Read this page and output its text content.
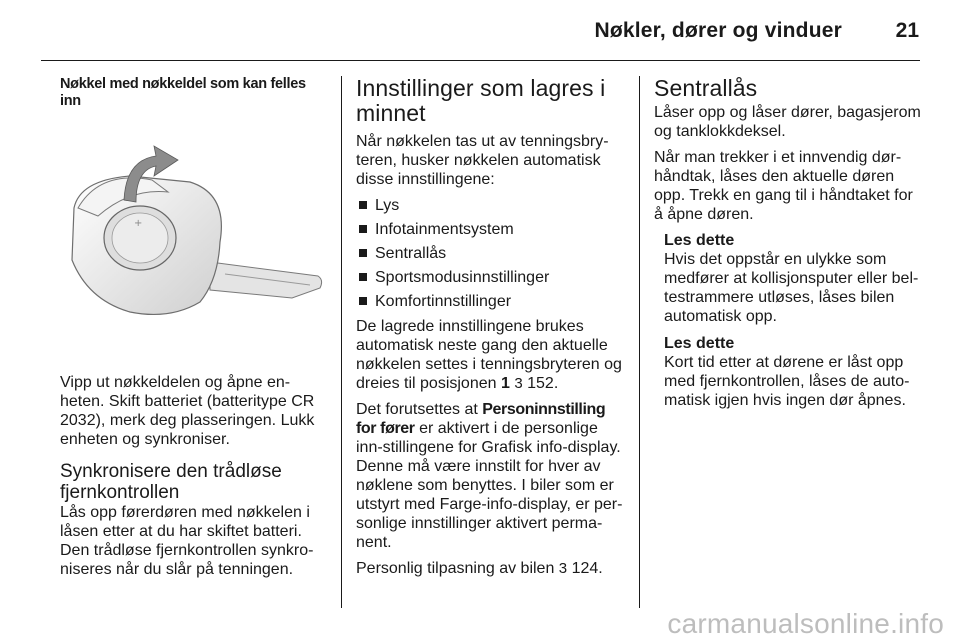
Nøkler, dører og vinduer	21
Nøkkel med nøkkeldel som kan felles inn
+

Vipp ut nøkkeldelen og åpne en-heten. Skift batteriet (batteritype CR 2032), merk deg plasseringen. Lukk enheten og synkroniser.

Synkronisere den trådløse fjernkontrollen

Lås opp førerdøren med nøkkelen i låsen etter at du har skiftet batteri. Den trådløse fjernkontrollen synkro-niseres når du slår på tenningen.

Innstillinger som lagres i minnet

Når nøkkelen tas ut av tenningsbry-teren, husker nøkkelen automatisk disse innstillingene:

Lys
Infotainmentsystem
Sentrallås
Sportsmodusinnstillinger
Komfortinnstillinger

De lagrede innstillingene brukes automatisk neste gang den aktuelle nøkkelen settes i tenningsbryteren og dreies til posisjonen 1 3 152.

Det forutsettes at Personinnstilling for fører er aktivert i de personlige inn-stillingene for Grafisk info-display. Denne må være innstilt for hver av nøklene som benyttes. I biler som er utstyrt med Farge-info-display, er per-sonlige innstillinger aktivert perma-nent.

Personlig tilpasning av bilen 3 124.

Sentrallås

Låser opp og låser dører, bagasjerom og tanklokkdeksel.

Når man trekker i et innvendig dør-håndtak, låses den aktuelle døren opp. Trekk en gang til i håndtaket for å åpne døren.

Les dette
Hvis det oppstår en ulykke som medfører at kollisjonsputer eller bel-testrammere utløses, låses bilen automatisk opp.
Les dette
Kort tid etter at dørene er låst opp med fjernkontrollen, låses de auto-matisk igjen hvis ingen dør åpnes.
carmanualsonline.info
